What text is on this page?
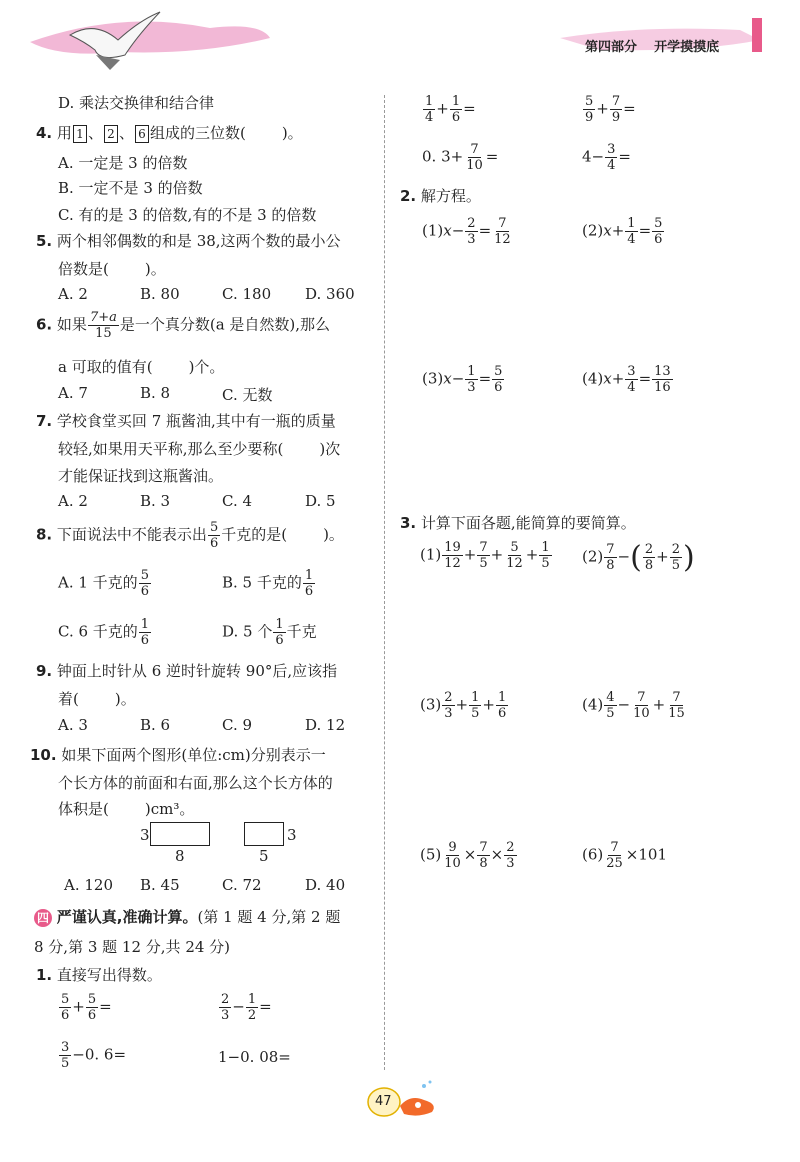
第四部分 开学摸摸底
D. 乘法交换律和结合律
4. 用 1 、 2 、 6 组成的三位数( )。
A. 一定是 3 的倍数
B. 一定不是 3 的倍数
C. 有的是 3 的倍数,有的不是 3 的倍数
5. 两个相邻偶数的和是 38,这两个数的最小公
倍数是( )。
A. 2	B. 80	C. 180 D. 360
6. 如果 $\frac{7+a}{15}$ 是一个真分数(a 是自然数),那么
a 可取的值有( )个。
A. 7	B. 8	C. 无数
7. 学校食堂买回 7 瓶酱油,其中有一瓶的质量
较轻,如果用天平称,那么至少要称( )次
才能保证找到这瓶酱油。
A. 2	B. 3	C. 4	D. 5
8. 下面说法中不能表示出 $\frac{5}{6}$ 千克的是( )。
A. 1 千克的 $\frac{5}{6}$	B. 5 千克的 $\frac{1}{6}$
C. 6 千克的 $\frac{1}{6}$	D. 5 个 $\frac{1}{6}$ 千克
9. 钟面上时针从 6 逆时针旋转 90°后,应该指
着( )。
A. 3	B. 6	C. 9	D. 12
10. 如果下面两个图形(单位:cm)分别表示一
个长方体的前面和右面,那么这个长方体的
体积是( )cm³。
3
8
3
5
A. 120 B. 45	C. 72	D. 40
四 严谨认真,准确计算。(第 1 题 4 分,第 2 题
8 分,第 3 题 12 分,共 24 分)
1. 直接写出得数。
$\frac{5}{6} + \frac{5}{6}$ =	$\frac{2}{3} - \frac{1}{2}$ =
$\frac{3}{5} -0$. 6=	1−0. 08=
$\frac{1}{4} + \frac{1}{6}$ =	$\frac{5}{9} + \frac{7}{9}$ =
0. $3+ \frac{7}{10}$ =	$4- \frac{3}{4}$ =
2. 解方程。
$(1)x- \frac{2}{3} = \frac{7}{12}$	$(2)x+ \frac{1}{4} = \frac{5}{6}$
$(3)x- \frac{1}{3} = \frac{5}{6}$	$(4)x+ \frac{3}{4} = \frac{13}{16}$
3. 计算下面各题,能简算的要简算。
$(1) \frac{19}{12} + \frac{7}{5} + \frac{5}{12} + \frac{1}{5} (2) \frac{7}{8}$ −( $\frac{2}{8} + \frac{2}{5}$ )
$(3) \frac{2}{3} + \frac{1}{5} + \frac{1}{6}$	$(4) \frac{4}{5} - \frac{7}{10} + \frac{7}{15}$
$(5) \frac{9}{10} \times \frac{7}{8} \times \frac{2}{3}$	$(6) \frac{7}{25} \times 101$
47
